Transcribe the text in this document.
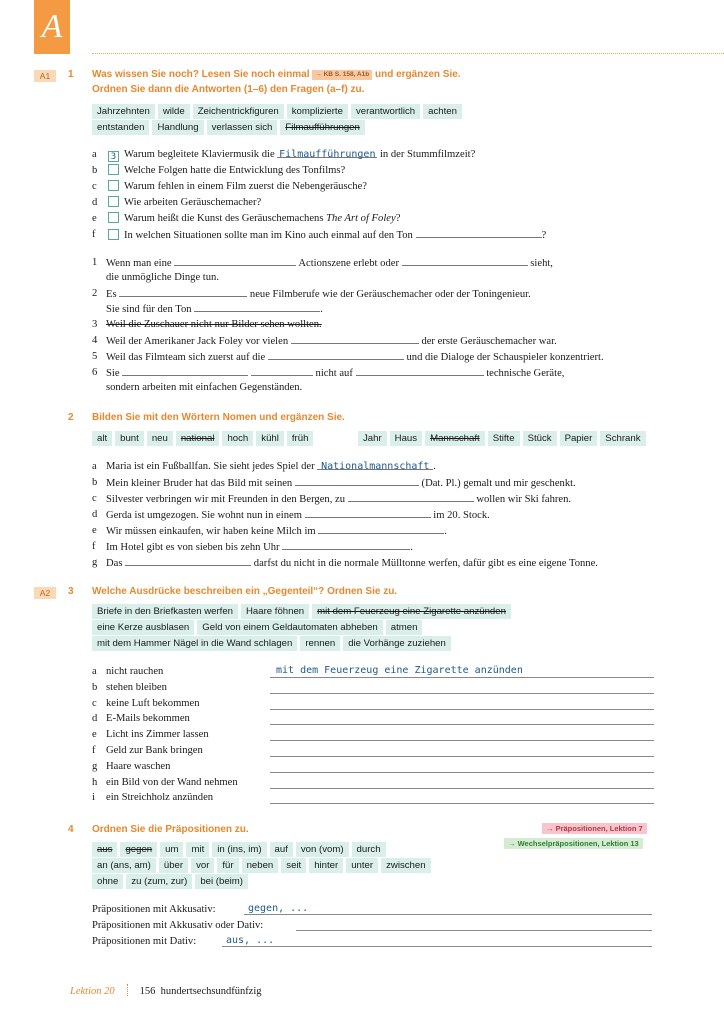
A
A1	1 Was wissen Sie noch? Lesen Sie noch einmal → KB S. 158, A1b und ergänzen Sie.
Ordnen Sie dann die Antworten (1–6) den Fragen (a–f) zu.
Jahrzehnten	wilde	Zeichentrickfiguren	komplizierte	verantwortlich	achten
entstanden	Handlung	verlassen sich	Filmaufführungen
a	3 Warum begleitete Klaviermusik die Filmaufführungen in der Stummfilmzeit?
b	Welche Folgen hatte die Entwicklung des Tonfilms?
c	Warum fehlen in einem Film zuerst die Nebengeräusche?
d	Wie arbeiten Geräuschemacher?
e	Warum heißt die Kunst des Geräuschemachens The Art of Foley?
f	In welchen Situationen sollte man im Kino auch einmal auf den Ton	?
1 Wenn man eine	Actionszene erlebt oder	sieht,
die unmögliche Dinge tun.
2 Es	neue Filmberufe wie der Geräuschemacher oder der Toningenieur.
Sie sind für den Ton	.
3 Weil die Zuschauer nicht nur Bilder sehen wollten.
4 Weil der Amerikaner Jack Foley vor vielen	der erste Geräuschemacher war.
5 Weil das Filmteam sich zuerst auf die	und die Dialoge der Schauspieler konzentriert.
6 Sie	nicht auf	technische Geräte,
sondern arbeiten mit einfachen Gegenständen.
2 Bilden Sie mit den Wörtern Nomen und ergänzen Sie.
alt	bunt	neu	national	hoch	kühl	früh	Jahr	Haus	Mannschaft	Stifte	Stück	Papier	Schrank
a Maria ist ein Fußballfan. Sie sieht jedes Spiel der Nationalmannschaft .
b Mein kleiner Bruder hat das Bild mit seinen	(Dat. Pl.) gemalt und mir geschenkt.
c Silvester verbringen wir mit Freunden in den Bergen, zu	wollen wir Ski fahren.
d Gerda ist umgezogen. Sie wohnt nun in einem	im 20. Stock.
e Wir müssen einkaufen, wir haben keine Milch im	.
f Im Hotel gibt es von sieben bis zehn Uhr	.
g Das	darfst du nicht in die normale Mülltonne werfen, dafür gibt es eine eigene Tonne.
A2	3 Welche Ausdrücke beschreiben ein „Gegenteil“? Ordnen Sie zu.
Briefe in den Briefkasten werfen	Haare föhnen	mit dem Feuerzeug eine Zigarette anzünden
eine Kerze ausblasen	Geld von einem Geldautomaten abheben	atmen
mit dem Hammer Nägel in die Wand schlagen	rennen	die Vorhänge zuziehen
a nicht rauchen	mit dem Feuerzeug eine Zigarette anzünden
b stehen bleiben
c keine Luft bekommen
d E-Mails bekommen
e Licht ins Zimmer lassen
f Geld zur Bank bringen
g Haare waschen
h ein Bild von der Wand nehmen
i ein Streichholz anzünden
4 Ordnen Sie die Präpositionen zu.	→ Präpositionen, Lektion 7
→ Wechselpräpositionen, Lektion 13
aus	gegen	um	mit	in (ins, im)	auf	von (vom)	durch
an (ans, am)	über	vor	für	neben	seit	hinter	unter	zwischen
ohne	zu (zum, zur)	bei (beim)
Präpositionen mit Akkusativ:	gegen, ...
Präpositionen mit Akkusativ oder Dativ:
Präpositionen mit Dativ:	aus, ...
Lektion 20 156 hundertsechsundfünfzig
